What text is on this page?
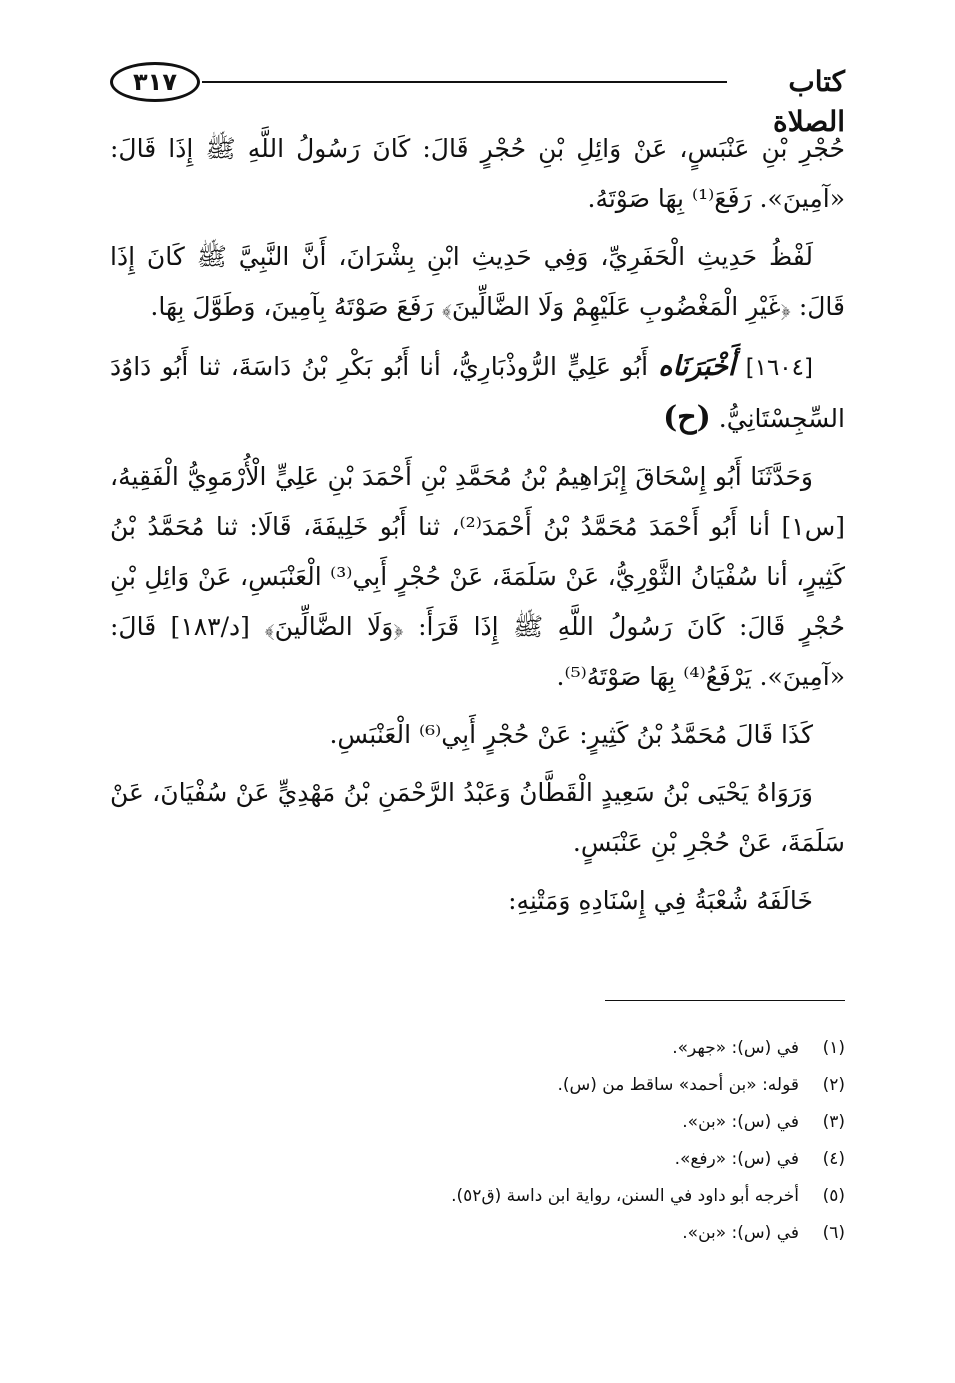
٣١٧	كتاب الصلاة

حُجْرِ بْنِ عَنْبَسٍ، عَنْ وَائِلِ بْنِ حُجْرٍ قَالَ: كَانَ رَسُولُ اللَّهِ ﷺ إِذَا قَالَ: «آمِينَ». رَفَعَ⁽¹⁾ بِهَا صَوْتَهُ.

لَفْظُ حَدِيثِ الْحَفَرِيِّ، وَفِي حَدِيثِ ابْنِ بِشْرَانَ، أَنَّ النَّبِيَّ ﷺ كَانَ إِذَا قَالَ: ﴿غَيْرِ الْمَغْضُوبِ عَلَيْهِمْ وَلَا الضَّالِّينَ﴾ رَفَعَ صَوْتَهُ بِآمِينَ، وَطَوَّلَ بِهَا.

[١٦٠٤] أَخْبَرَنَاه أَبُو عَلِيٍّ الرُّوذْبَارِيُّ، أنا أَبُو بَكْرِ بْنُ دَاسَةَ، ثنا أَبُو دَاوُدَ السِّجِسْتَانِيُّ. (ح)

وَحَدَّثَنَا أَبُو إِسْحَاقَ إِبْرَاهِيمُ بْنُ مُحَمَّدِ بْنِ أَحْمَدَ بْنِ عَلِيٍّ الْأُرْمَوِيُّ الْفَقِيهُ، [س١] أنا أَبُو أَحْمَدَ مُحَمَّدُ بْنُ أَحْمَدَ⁽²⁾، ثنا أَبُو خَلِيفَةَ، قَالَا: ثنا مُحَمَّدُ بْنُ كَثِيرٍ، أنا سُفْيَانُ الثَّوْرِيُّ، عَنْ سَلَمَةَ، عَنْ حُجْرٍ أَبِي⁽³⁾ الْعَنْبَسِ، عَنْ وَائِلِ بْنِ حُجْرٍ قَالَ: كَانَ رَسُولُ اللَّهِ ﷺ إِذَا قَرَأَ: ﴿وَلَا الضَّالِّينَ﴾ [د/١٨٣] قَالَ: «آمِينَ». يَرْفَعُ⁽⁴⁾ بِهَا صَوْتَهُ⁽⁵⁾.

كَذَا قَالَ مُحَمَّدُ بْنُ كَثِيرٍ: عَنْ حُجْرٍ أَبِي⁽⁶⁾ الْعَنْبَسِ.

وَرَوَاهُ يَحْيَى بْنُ سَعِيدٍ الْقَطَّانُ وَعَبْدُ الرَّحْمَنِ بْنُ مَهْدِيٍّ عَنْ سُفْيَانَ، عَنْ سَلَمَةَ، عَنْ حُجْرِ بْنِ عَنْبَسٍ.

خَالَفَهُ شُعْبَةُ فِي إِسْنَادِهِ وَمَتْنِهِ:

(١)في (س): «جهر».
(٢)قوله: «بن أحمد» ساقط من (س).
(٣)في (س): «بن».
(٤)في (س): «رفع».
(٥)أخرجه أبو داود في السنن، رواية ابن داسة (ق٥٢).
(٦)في (س): «بن».
